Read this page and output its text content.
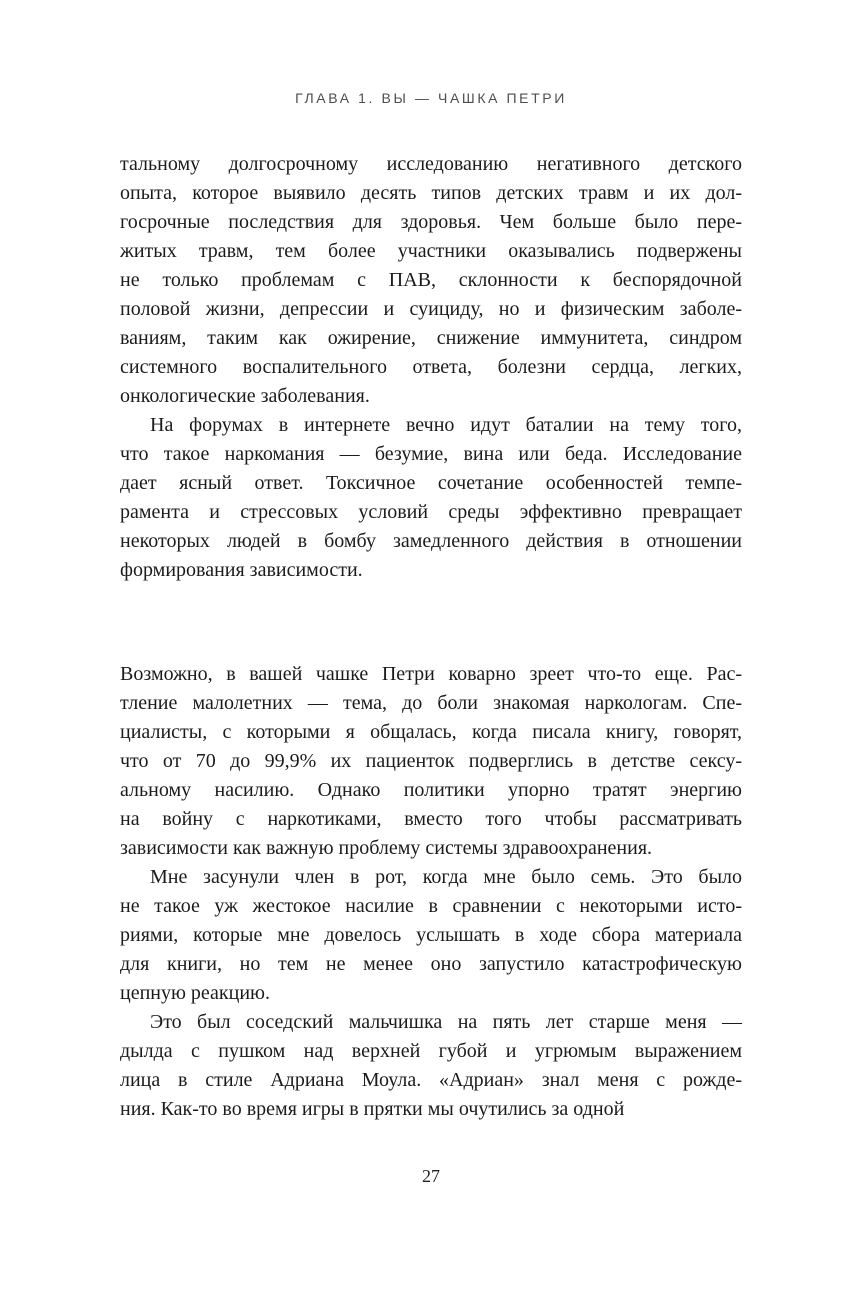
ГЛАВА 1. ВЫ — ЧАШКА ПЕТРИ
тальному долгосрочному исследованию негативного детского
опыта, которое выявило десять типов детских травм и их дол-
госрочные последствия для здоровья. Чем больше было пере-
житых травм, тем более участники оказывались подвержены
не только проблемам с ПАВ, склонности к беспорядочной
половой жизни, депрессии и суициду, но и физическим заболе-
ваниям, таким как ожирение, снижение иммунитета, синдром
системного воспалительного ответа, болезни сердца, легких,
онкологические заболевания.
На форумах в интернете вечно идут баталии на тему того,
что такое наркомания — безумие, вина или беда. Исследование
дает ясный ответ. Токсичное сочетание особенностей темпе-
рамента и стрессовых условий среды эффективно превращает
некоторых людей в бомбу замедленного действия в отношении
формирования зависимости.
Возможно, в вашей чашке Петри коварно зреет что-то еще. Рас-
тление малолетних — тема, до боли знакомая наркологам. Спе-
циалисты, с которыми я общалась, когда писала книгу, говорят,
что от 70 до 99,9% их пациенток подверглись в детстве сексу-
альному насилию. Однако политики упорно тратят энергию
на войну с наркотиками, вместо того чтобы рассматривать
зависимости как важную проблему системы здравоохранения.
Мне засунули член в рот, когда мне было семь. Это было
не такое уж жестокое насилие в сравнении с некоторыми исто-
риями, которые мне довелось услышать в ходе сбора материала
для книги, но тем не менее оно запустило катастрофическую
цепную реакцию.
Это был соседский мальчишка на пять лет старше меня —
дылда с пушком над верхней губой и угрюмым выражением
лица в стиле Адриана Моула. «Адриан» знал меня с рожде-
ния. Как-то во время игры в прятки мы очутились за одной
27
